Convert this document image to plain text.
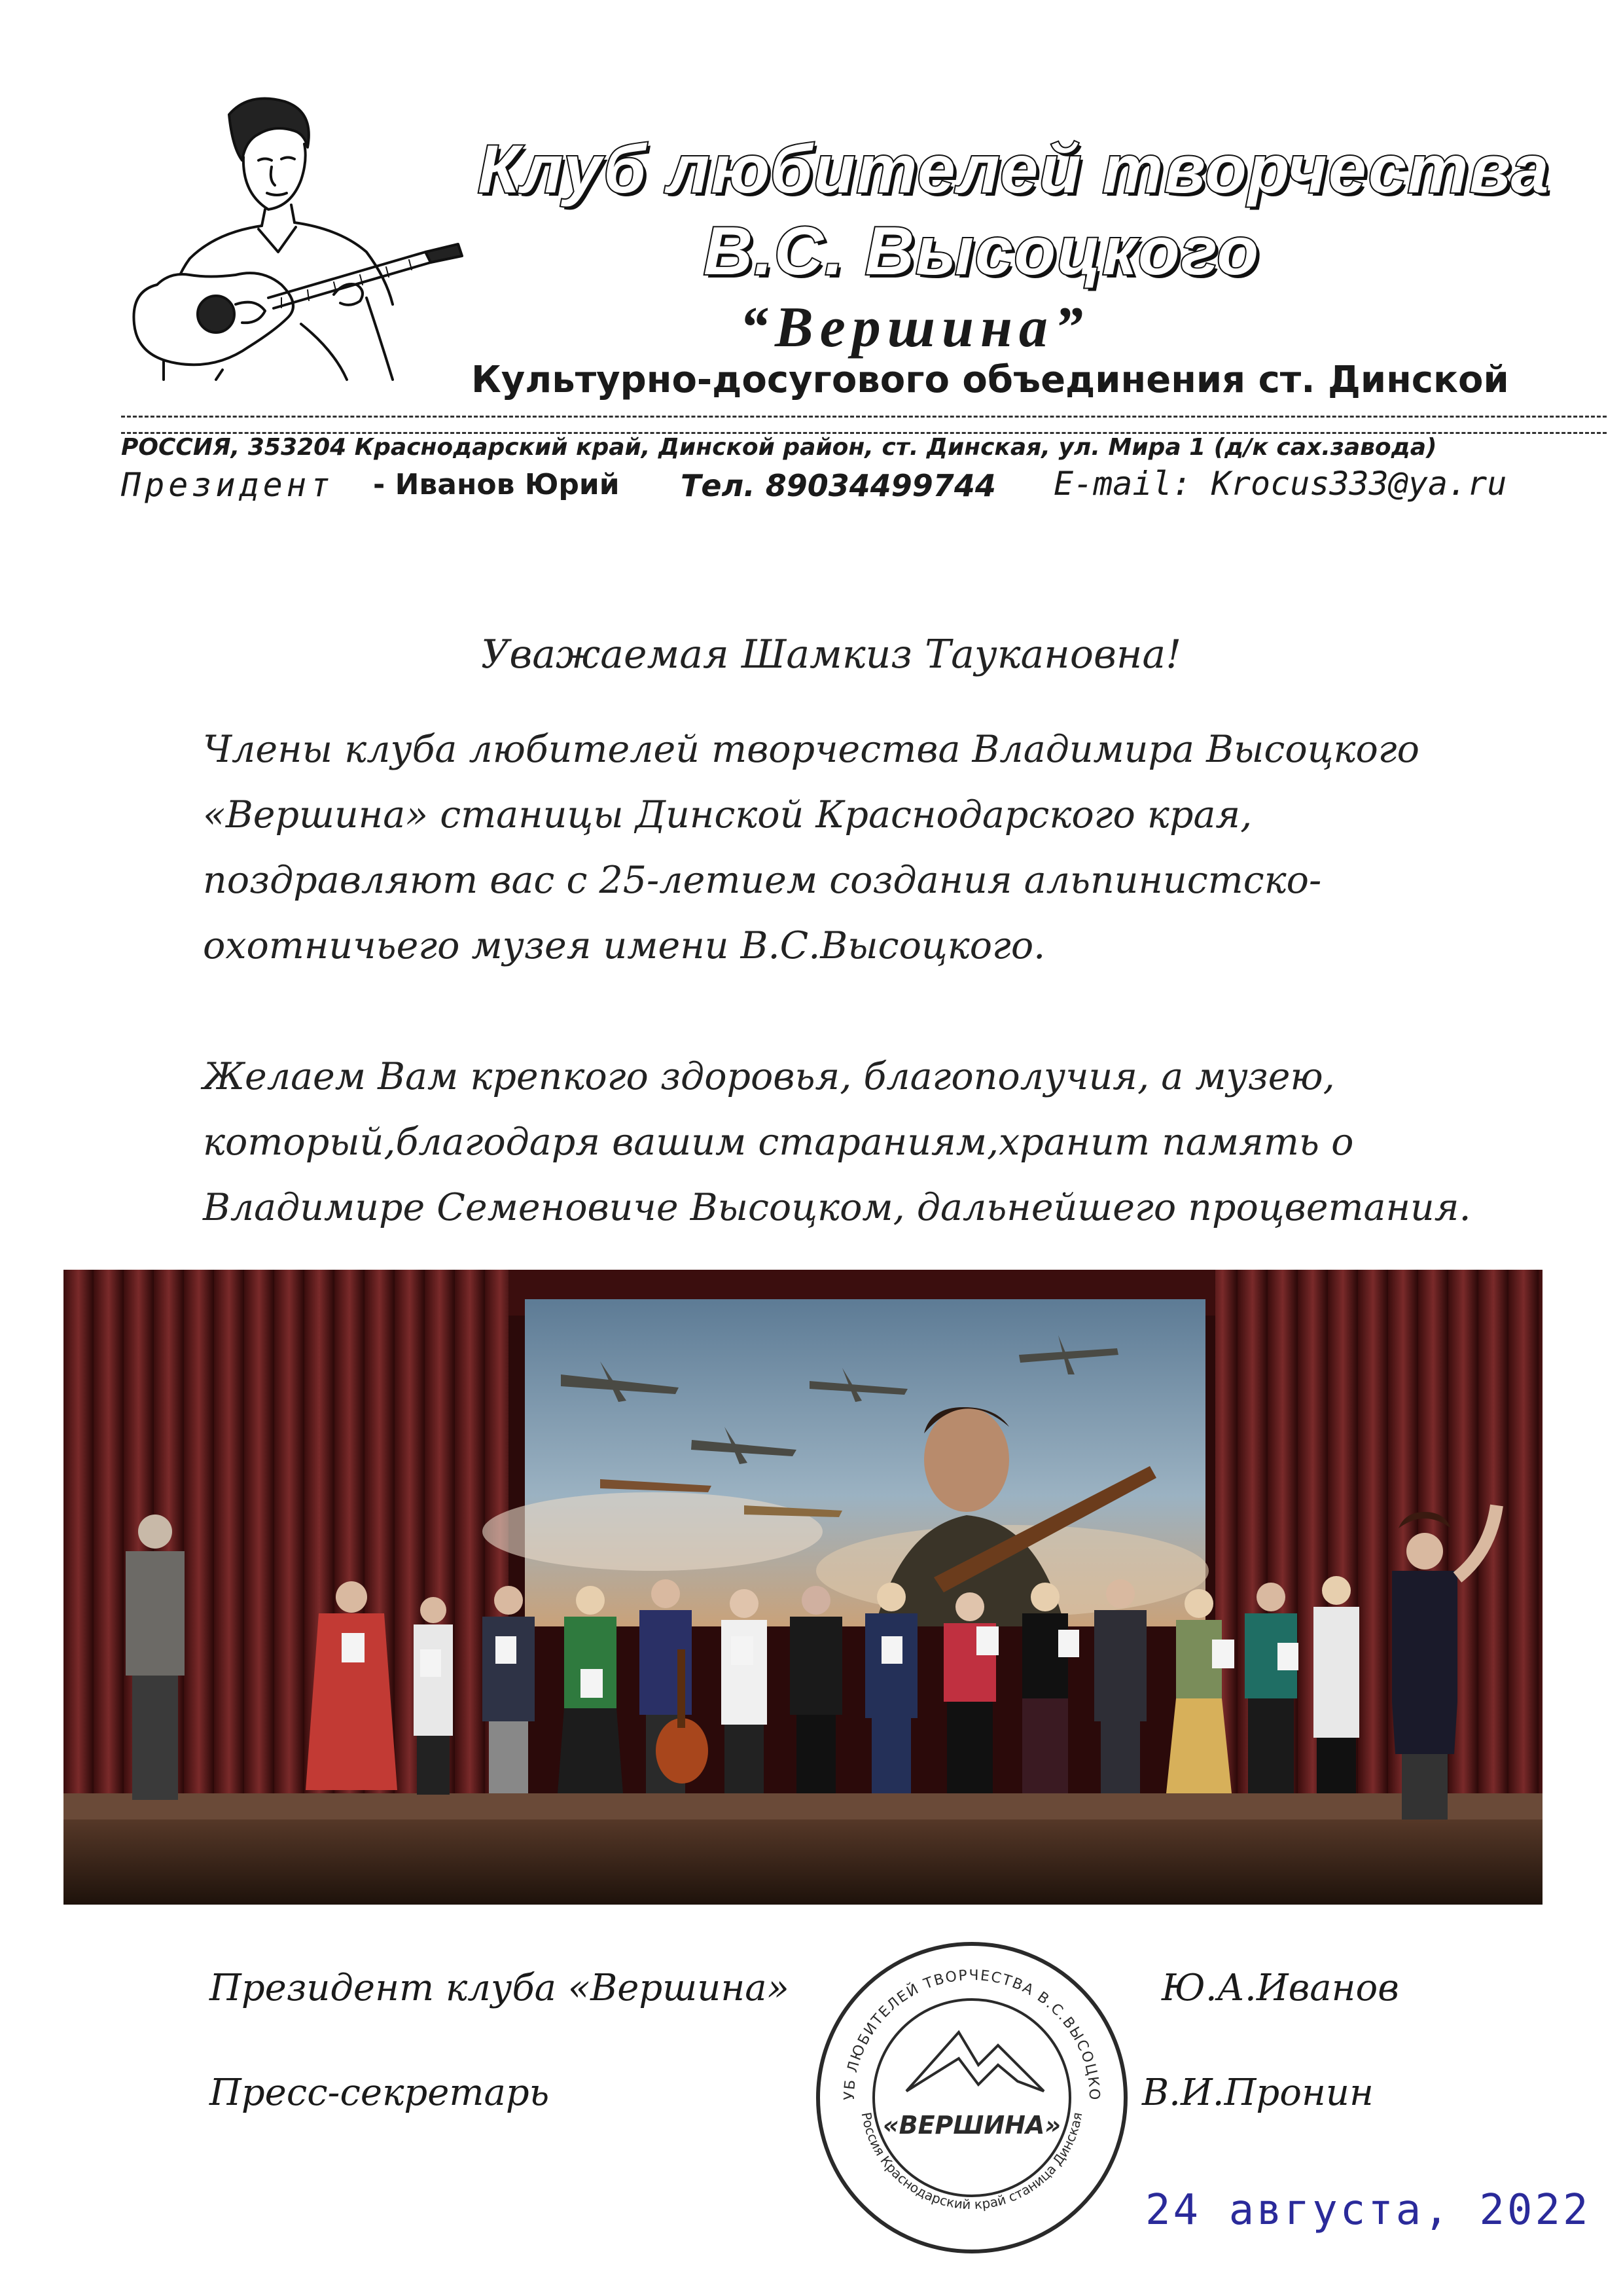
Клуб любителей творчества
В.С. Высоцкого
“Вершина”
Культурно-досугового объединения ст. Динской
РОССИЯ, 353204 Краснодарский край, Динской район, ст. Динская, ул. Мира 1 (д/к сах.завода)
Президент - Иванов Юрий Тел. 89034499744 E-mail: Krocus333@ya.ru
Уважаемая Шамкиз Таукановна!
Члены клуба любителей творчества Владимира Высоцкого
«Вершина» станицы Динской Краснодарского края,
поздравляют вас с 25-летием создания альпинистско-
охотничьего музея имени В.С.Высоцкого.
Желаем Вам крепкого здоровья, благополучия, а музею,
который,благодаря вашим стараниям,хранит память о
Владимире Семеновиче Высоцком, дальнейшего процветания.
Президент клуба «Вершина»	Ю.А.Иванов
Пресс-секретарь	В.И.Пронин
УБ ЛЮБИТЕЛЕЙ ТВОРЧЕСТВА В.С.ВЫСОЦКО
Россия Краснодарский край станица Динская
«ВЕРШИНА»
24 августа, 2022
